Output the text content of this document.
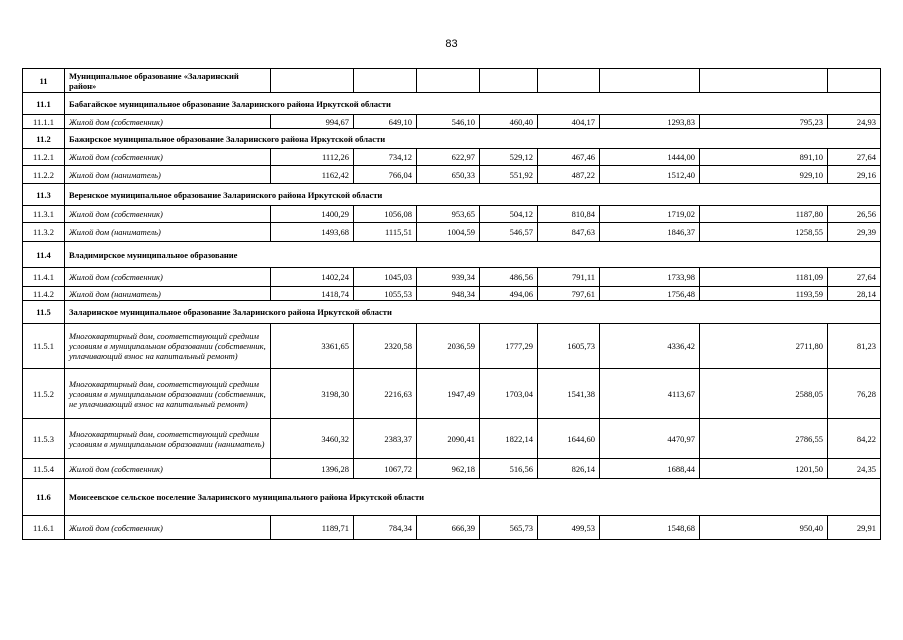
83
11	Муниципальное образование «Заларинский район»								
11.1	Бабагайское муниципальное образование Заларинского района Иркутской области								
11.1.1	Жилой дом (собственник)	994,67	649,10	546,10	460,40	404,17	1293,83	795,23	24,93
11.2	Бажирское муниципальное образование Заларинского района Иркутской области								
11.2.1	Жилой дом (собственник)	1112,26	734,12	622,97	529,12	467,46	1444,00	891,10	27,64
11.2.2	Жилой дом (наниматель)	1162,42	766,04	650,33	551,92	487,22	1512,40	929,10	29,16
11.3	Веренское муниципальное образование Заларинского района Иркутской области								
11.3.1	Жилой дом (собственник)	1400,29	1056,08	953,65	504,12	810,84	1719,02	1187,80	26,56
11.3.2	Жилой дом (наниматель)	1493,68	1115,51	1004,59	546,57	847,63	1846,37	1258,55	29,39
11.4	Владимирское муниципальное образование								
11.4.1	Жилой дом (собственник)	1402,24	1045,03	939,34	486,56	791,11	1733,98	1181,09	27,64
11.4.2	Жилой дом (наниматель)	1418,74	1055,53	948,34	494,06	797,61	1756,48	1193,59	28,14
11.5	Заларинское муниципальное образование Заларинского района Иркутской области								
11.5.1	Многоквартирный дом, соответствующий средним условиям в муниципальном образовании (собственник, уплачивающий взнос на капитальный ремонт)	3361,65	2320,58	2036,59	1777,29	1605,73	4336,42	2711,80	81,23
11.5.2	Многоквартирный дом, соответствующий средним условиям в муниципальном образовании (собственник, не уплачивающий взнос на капитальный ремонт)	3198,30	2216,63	1947,49	1703,04	1541,38	4113,67	2588,05	76,28
11.5.3	Многоквартирный дом, соответствующий средним условиям в муниципальном образовании (наниматель)	3460,32	2383,37	2090,41	1822,14	1644,60	4470,97	2786,55	84,22
11.5.4	Жилой дом (собственник)	1396,28	1067,72	962,18	516,56	826,14	1688,44	1201,50	24,35
11.6	Моисеевское сельское поселение Заларинского муниципального района Иркутской области								
11.6.1	Жилой дом (собственник)	1189,71	784,34	666,39	565,73	499,53	1548,68	950,40	29,91
